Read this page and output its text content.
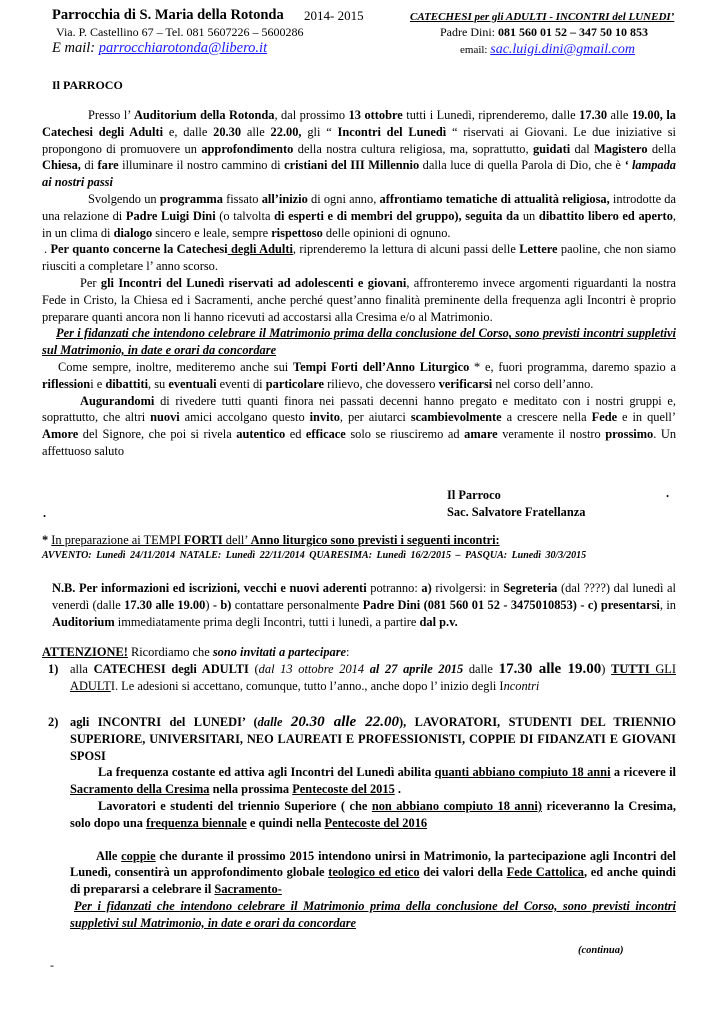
Parrocchia di S. Maria della Rotonda 2014- 2015	CATECHESI per gli ADULTI - INCONTRI del LUNEDI’
Via. P. Castellino 67 – Tel. 081 5607226 – 5600286	Padre Dini: 081 560 01 52 – 347 50 10 853
E mail: parrocchiarotonda@libero.it	email: sac.luigi.dini@gmail.com
Il PARROCO

Presso l’ Auditorium della Rotonda, dal prossimo 13 ottobre tutti i Lunedì, riprenderemo, dalle 17.30 alle 19.00, la Catechesi degli Adulti e, dalle 20.30 alle 22.00, gli “ Incontri del Lunedì “ riservati ai Giovani. Le due iniziative si propongono di promuovere un approfondimento della nostra cultura religiosa, ma, soprattutto, guidati dal Magistero della Chiesa, di fare illuminare il nostro cammino di cristiani del III Millennio dalla luce di quella Parola di Dio, che è ‘ lampada ai nostri passi

Svolgendo un programma fissato all’inizio di ogni anno, affrontiamo tematiche di attualità religiosa, introdotte da una relazione di Padre Luigi Dini (o talvolta di esperti e di membri del gruppo), seguita da un dibattito libero ed aperto, in un clima di dialogo sincero e leale, sempre rispettoso delle opinioni di ognuno.

. Per quanto concerne la Catechesi degli Adulti, riprenderemo la lettura di alcuni passi delle Lettere paoline, che non siamo riusciti a completare l’ anno scorso.

Per gli Incontri del Lunedì riservati ad adolescenti e giovani, affronteremo invece argomenti riguardanti la nostra Fede in Cristo, la Chiesa ed i Sacramenti, anche perché quest’anno finalità preminente della frequenza agli Incontri è proprio preparare quanti ancora non li hanno ricevuti ad accostarsi alla Cresima e/o al Matrimonio.

Per i fidanzati che intendono celebrare il Matrimonio prima della conclusione del Corso, sono previsti incontri suppletivi sul Matrimonio, in date e orari da concordare

Come sempre, inoltre, mediteremo anche sui Tempi Forti dell’Anno Liturgico * e, fuori programma, daremo spazio a riflessioni e dibattiti, su eventuali eventi di particolare rilievo, che dovessero verificarsi nel corso dell’anno.

Augurandomi di rivedere tutti quanti finora nei passati decenni hanno pregato e meditato con i nostri gruppi e, soprattutto, che altri nuovi amici accolgano questo invito, per aiutarci scambievolmente a crescere nella Fede e in quell’ Amore del Signore, che poi si rivela autentico ed efficace solo se riusciremo ad amare veramente il nostro prossimo. Un affettuoso saluto

Il Parroco
Sac. Salvatore Fratellanza
.
.
* In preparazione ai TEMPI FORTI dell’ Anno liturgico sono previsti i seguenti incontri:
AVVENTO: Lunedì 24/11/2014 NATALE: Lunedì 22/11/2014 QUARESIMA: Lunedì 16/2/2015 – PASQUA: Lunedì 30/3/2015
N.B. Per informazioni ed iscrizioni, vecchi e nuovi aderenti potranno: a) rivolgersi: in Segreteria (dal ????) dal lunedì al venerdì (dalle 17.30 alle 19.00) - b) contattare personalmente Padre Dini (081 560 01 52 - 3475010853) - c) presentarsi, in Auditorium immediatamente prima degli Incontri, tutti i lunedì, a partire dal p.v.
ATTENZIONE! Ricordiamo che sono invitati a partecipare:
1) alla CATECHESI degli ADULTI (dal 13 ottobre 2014 al 27 aprile 2015 dalle 17.30 alle 19.00) TUTTI GLI ADULTI. Le adesioni si accettano, comunque, tutto l’anno., anche dopo l’ inizio degli Incontri
2) agli INCONTRI del LUNEDI’ (dalle 20.30 alle 22.00), LAVORATORI, STUDENTI DEL TRIENNIO SUPERIORE, UNIVERSITARI, NEO LAUREATI E PROFESSIONISTI, COPPIE DI FIDANZATI E GIOVANI SPOSI
La frequenza costante ed attiva agli Incontri del Lunedì abilita quanti abbiano compiuto 18 anni a ricevere il Sacramento della Cresima nella prossima Pentecoste del 2015 .
Lavoratori e studenti del triennio Superiore ( che non abbiano compiuto 18 anni) riceveranno la Cresima, solo dopo una frequenza biennale e quindi nella Pentecoste del 2016
Alle coppie che durante il prossimo 2015 intendono unirsi in Matrimonio, la partecipazione agli Incontri del Lunedì, consentirà un approfondimento globale teologico ed etico dei valori della Fede Cattolica, ed anche quindi di prepararsi a celebrare il Sacramento-
Per i fidanzati che intendono celebrare il Matrimonio prima della conclusione del Corso, sono previsti incontri suppletivi sul Matrimonio, in date e orari da concordare
(continua)
-
